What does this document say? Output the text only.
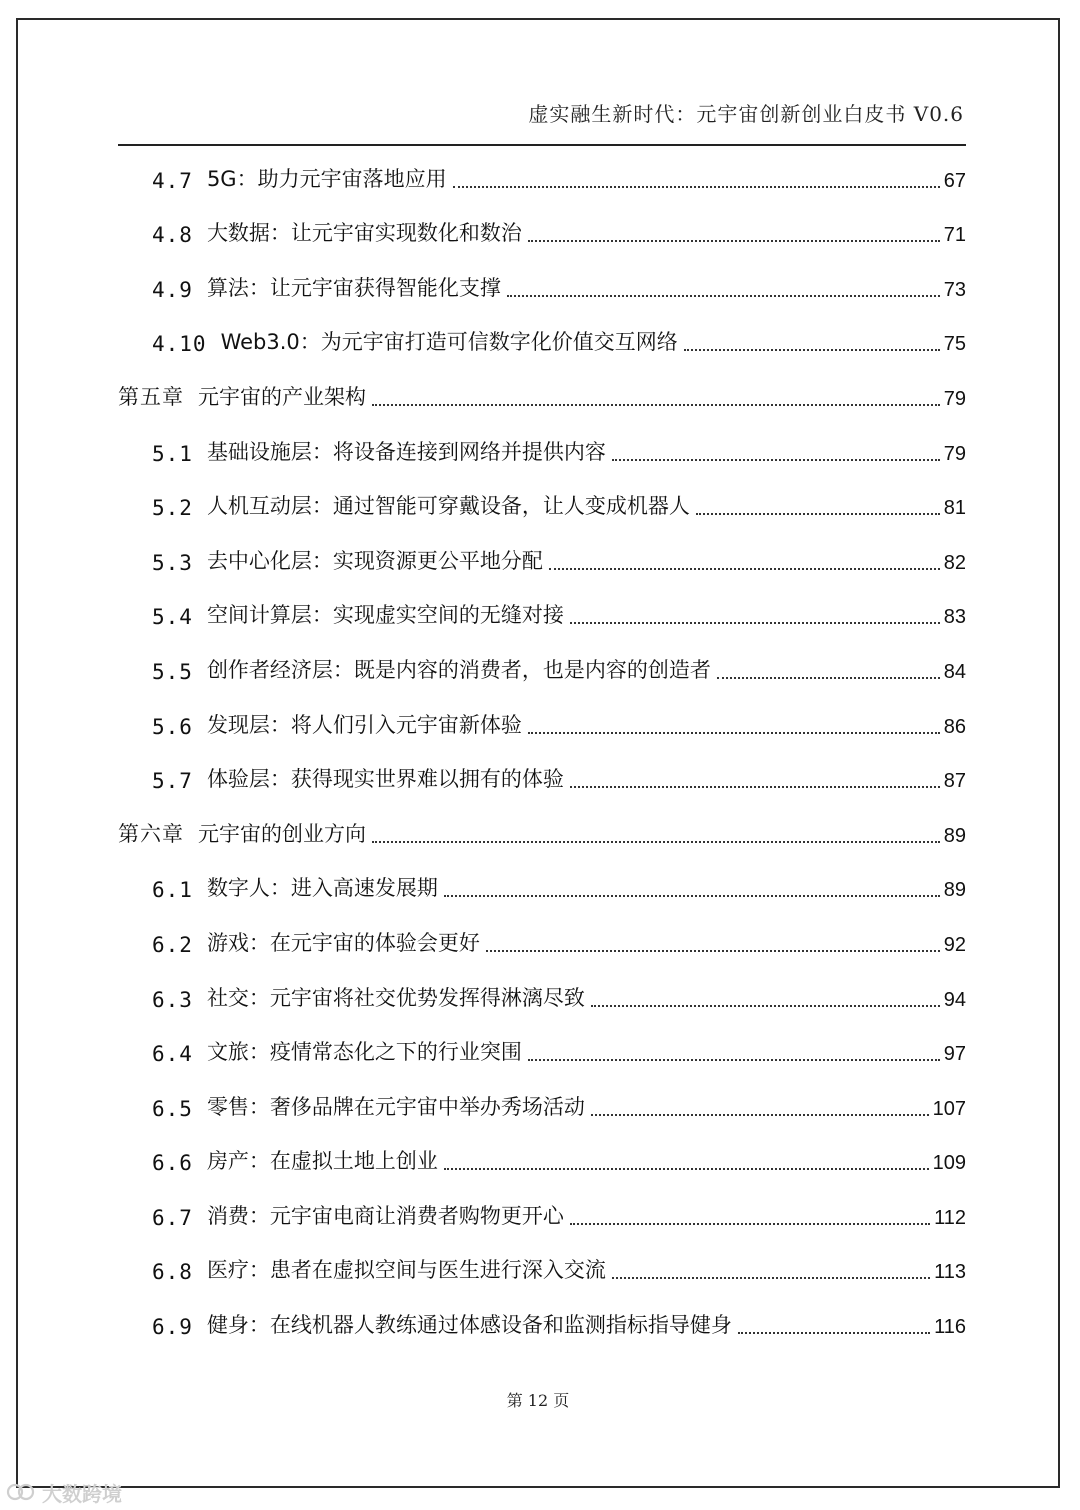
虚实融生新时代：元宇宙创新创业白皮书 V0.6
4.7 5G：助力元宇宙落地应用	67
4.8 大数据：让元宇宙实现数化和数治	71
4.9 算法：让元宇宙获得智能化支撑	73
4.10 Web3.0：为元宇宙打造可信数字化价值交互网络	75
第五章 元宇宙的产业架构	79
5.1 基础设施层：将设备连接到网络并提供内容	79
5.2 人机互动层：通过智能可穿戴设备，让人变成机器人	81
5.3 去中心化层：实现资源更公平地分配	82
5.4 空间计算层：实现虚实空间的无缝对接	83
5.5 创作者经济层：既是内容的消费者，也是内容的创造者	84
5.6 发现层：将人们引入元宇宙新体验	86
5.7 体验层：获得现实世界难以拥有的体验	87
第六章 元宇宙的创业方向	89
6.1 数字人：进入高速发展期	89
6.2 游戏：在元宇宙的体验会更好	92
6.3 社交：元宇宙将社交优势发挥得淋漓尽致	94
6.4 文旅：疫情常态化之下的行业突围	97
6.5 零售：奢侈品牌在元宇宙中举办秀场活动	107
6.6 房产：在虚拟土地上创业	109
6.7 消费：元宇宙电商让消费者购物更开心	112
6.8 医疗：患者在虚拟空间与医生进行深入交流	113
6.9 健身：在线机器人教练通过体感设备和监测指标指导健身	116
第 12 页
大数跨境
